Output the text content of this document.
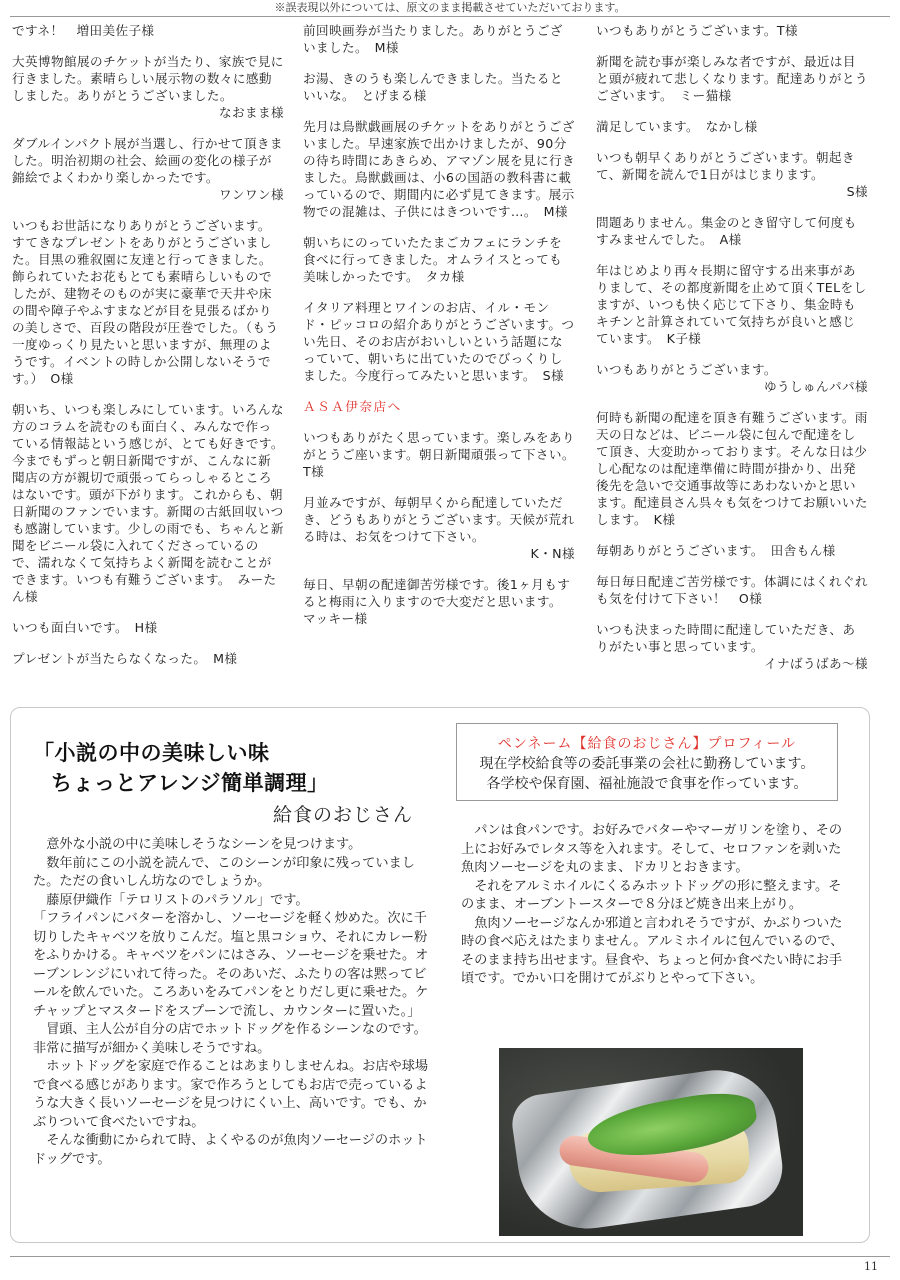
※誤表現以外については、原文のまま掲載させていただいております。
ですネ！　増田美佐子様
大英博物館展のチケットが当たり、家族で見に行きました。素晴らしい展示物の数々に感動しました。ありがとうございました。
なおまま様
ダブルインパクト展が当選し、行かせて頂きました。明治初期の社会、絵画の変化の様子が錦絵でよくわかり楽しかったです。
ワンワン様
いつもお世話になりありがとうございます。すてきなプレゼントをありがとうございました。目黒の雅叙園に友達と行ってきました。飾られていたお花もとても素晴らしいものでしたが、建物そのものが実に豪華で天井や床の間や障子やふすまなどが目を見張るばかりの美しさで、百段の階段が圧巻でした。（もう一度ゆっくり見たいと思いますが、無理のようです。イベントの時しか公開しないそうです。）　O様
朝いち、いつも楽しみにしています。いろんな方のコラムを読むのも面白く、みんなで作っている情報誌という感じが、とても好きです。今までもずっと朝日新聞ですが、こんなに新聞店の方が親切で頑張ってらっしゃるところはないです。頭が下がります。これからも、朝日新聞のファンでいます。新聞の古紙回収いつも感謝しています。少しの雨でも、ちゃんと新聞をビニール袋に入れてくださっているので、濡れなくて気持ちよく新聞を読むことができます。いつも有難うございます。　みーたん様
いつも面白いです。　H様
プレゼントが当たらなくなった。　M様
前回映画券が当たりました。ありがとうございました。　M様
お湯、きのうも楽しんできました。当たるといいな。　とげまる様
先月は鳥獣戯画展のチケットをありがとうございました。早速家族で出かけましたが、90分の待ち時間にあきらめ、アマゾン展を見に行きました。鳥獣戯画は、小6の国語の教科書に載っているので、期間内に必ず見てきます。展示物での混雑は、子供にはきついです…。　M様
朝いちにのっていたたまごカフェにランチを食べに行ってきました。オムライスとっても美味しかったです。　タカ様
イタリア料理とワインのお店、イル・モンド・ピッコロの紹介ありがとうございます。つい先日、そのお店がおいしいという話題になっていて、朝いちに出ていたのでびっくりしました。今度行ってみたいと思います。　S様
ＡＳＡ伊奈店へ
いつもありがたく思っています。楽しみをありがとうご座います。朝日新聞頑張って下さい。　T様
月並みですが、毎朝早くから配達していただき、どうもありがとうございます。天候が荒れる時は、お気をつけて下さい。
K・N様
毎日、早朝の配達御苦労様です。後1ヶ月もすると梅雨に入りますので大変だと思います。　マッキー様
いつもありがとうございます。T様
新聞を読む事が楽しみな者ですが、最近は目と頭が疲れて悲しくなります。配達ありがとうございます。　ミー猫様
満足しています。　なかし様
いつも朝早くありがとうございます。朝起きて、新聞を読んで1日がはじまります。
S様
問題ありません。集金のとき留守して何度もすみませんでした。　A様
年はじめより再々長期に留守する出来事がありまして、その都度新聞を止めて頂くTELをしますが、いつも快く応じて下さり、集金時もキチンと計算されていて気持ちが良いと感じています。　K子様
いつもありがとうございます。
ゆうしゅんパパ様
何時も新聞の配達を頂き有難うございます。雨天の日などは、ビニール袋に包んで配達をして頂き、大変助かっております。そんな日は少し心配なのは配達準備に時間が掛かり、出発後先を急いで交通事故等にあわないかと思います。配達員さん呉々も気をつけてお願いいたします。　K様
毎朝ありがとうございます。　田舎もん様
毎日毎日配達ご苦労様です。体調にはくれぐれも気を付けて下さい！　O様
いつも決まった時間に配達していただき、ありがたい事と思っています。
イナばうばあ～様
「小説の中の美味しい味
ちょっとアレンジ簡単調理」
給食のおじさん
ペンネーム【給食のおじさん】プロフィール
現在学校給食等の委託事業の会社に勤務しています。
各学校や保育園、福祉施設で食事を作っています。

意外な小説の中に美味しそうなシーンを見つけます。

数年前にこの小説を読んで、このシーンが印象に残っていました。ただの食いしん坊なのでしょうか。

藤原伊織作「テロリストのパラソル」です。

「フライパンにバターを溶かし、ソーセージを軽く炒めた。次に千切りしたキャベツを放りこんだ。塩と黒コショウ、それにカレー粉をふりかける。キャベツをパンにはさみ、ソーセージを乗せた。オーブンレンジにいれて待った。そのあいだ、ふたりの客は黙ってビールを飲んでいた。ころあいをみてパンをとりだし更に乗せた。ケチャップとマスタードをスプーンで流し、カウンターに置いた。」

冒頭、主人公が自分の店でホットドッグを作るシーンなのです。非常に描写が細かく美味しそうですね。

ホットドッグを家庭で作ることはあまりしませんね。お店や球場で食べる感じがあります。家で作ろうとしてもお店で売っているような大きく長いソーセージを見つけにくい上、高いです。でも、かぶりついて食べたいですね。

そんな衝動にかられて時、よくやるのが魚肉ソーセージのホットドッグです。

パンは食パンです。お好みでバターやマーガリンを塗り、その上にお好みでレタス等を入れます。そして、セロファンを剥いた魚肉ソーセージを丸のまま、ドカリとおきます。

それをアルミホイルにくるみホットドッグの形に整えます。そのまま、オーブントースターで８分ほど焼き出来上がり。

魚肉ソーセージなんか邪道と言われそうですが、かぶりついた時の食べ応えはたまりません。アルミホイルに包んでいるので、そのまま持ち出せます。昼食や、ちょっと何か食べたい時にお手頃です。でかい口を開けてがぶりとやって下さい。

11
